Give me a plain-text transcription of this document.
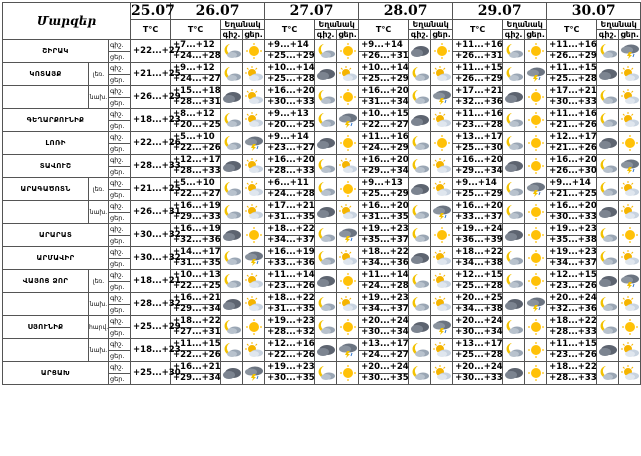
Մարզեր			25.07	26.07			27.07			28.07			29.07			30.07		
			T°C	T°C	Եղանակ		T°C	Եղանակ		T°C	Եղանակ		T°C	Եղանակ		T°C	Եղանակ	
					գիշ.	ցեր.		գիշ.	ցեր.		գիշ.	ցեր.		գիշ.	ցեր.		գիշ.	ցեր.
ՇԻՐԱԿ		գիշ.	+22...+27	+7...+12			+9...+14			+9...+14			+11...+16			+11...+16	

		ցեր.		+24...+28			+25...+29			+26...+31			+26...+31			+26...+29		
ԿՈՏԱՅՔ	լեռ.	գիշ.	+21...+25	+9...+12			+10...+14			+10...+14			+11...+15			+11...+15	

		ցեր.		+24...+27			+25...+28			+25...+29			+26...+29			+25...+28		
	նախ.	գիշ.	+26...+29	+15...+18			+16...+20			+16...+20			+17...+21			+17...+21	

		ցեր.		+28...+31			+30...+33			+31...+34			+32...+36			+30...+33		
ԳԵՂԱՐՔՈՒՆԻՔ		գիշ.	+18...+23	+8...+12			+9...+13			+10...+15			+11...+16			+11...+16	

		ցեր.		+20...+25			+20...+25			+22...+27			+23...+28			+21...+26		
ԼՈՌԻ		գիշ.	+22...+26	+5...+10			+9...+14			+11...+16			+13...+17			+12...+17	

		ցեր.		+22...+26			+23...+27			+24...+29			+25...+30			+21...+26		
ՏԱՎՈՒՇ		գիշ.	+28...+33	+12...+17			+16...+20			+16...+20			+16...+20			+16...+20	

		ցեր.		+28...+33			+28...+33			+29...+34			+29...+34			+26...+30		
ԱՐԱԳԱԾՈՏՆ	լեռ.	գիշ.	+21...+25	+5...+10			+6...+11			+9...+13			+9...+14			+9...+14	

		ցեր.		+22...+27			+24...+28			+25...+29			+25...+29			+21...+25		
	նախ.	գիշ.	+26...+31	+16...+19			+17...+21			+16...+20			+16...+20			+16...+20	

		ցեր.		+29...+33			+31...+35			+31...+35			+33...+37			+30...+33		
ԱՐԱՐԱՏ		գիշ.	+30...+32	+16...+19			+18...+22			+19...+23			+19...+24			+19...+23	

		ցեր.		+32...+36			+34...+37			+35...+37			+36...+39			+35...+38		
ԱՐՄԱՎԻՐ		գիշ.	+30...+32	+14...+17			+16...+19			+18...+22			+18...+22			+19...+23	

		ցեր.		+31...+35			+33...+36			+34...+36			+34...+38			+34...+37		
ՎԱՅՈՑ ՁՈՐ	լեռ.	գիշ.	+18...+21	+10...+13			+11...+14			+11...+14			+12...+15			+12...+15	

		ցեր.		+22...+25			+23...+26			+24...+28			+25...+28			+23...+26		
	նախ.	գիշ.	+28...+32	+16...+21			+18...+22			+19...+23			+20...+25			+20...+24	

		ցեր.		+29...+34			+31...+35			+34...+37			+34...+38			+32...+36		
ՍՅՈՒՆԻՔ	հարվ.	գիշ.	+25...+29	+18...+22			+19...+23			+20...+24			+20...+24			+18...+22	

		ցեր.		+27...+31			+28...+32			+30...+34			+30...+34			+28...+33		
	նախ.	գիշ.	+18...+23	+11...+15			+12...+16			+13...+17			+13...+17			+11...+15	

		ցեր.		+22...+26			+22...+26			+24...+27			+25...+28			+23...+26		
ԱՐՑԱԽ		գիշ.	+25...+30	+16...+21			+19...+23			+20...+24			+20...+24			+18...+22	

		ցեր.		+29...+34			+30...+35			+30...+35			+30...+33			+28...+33		
